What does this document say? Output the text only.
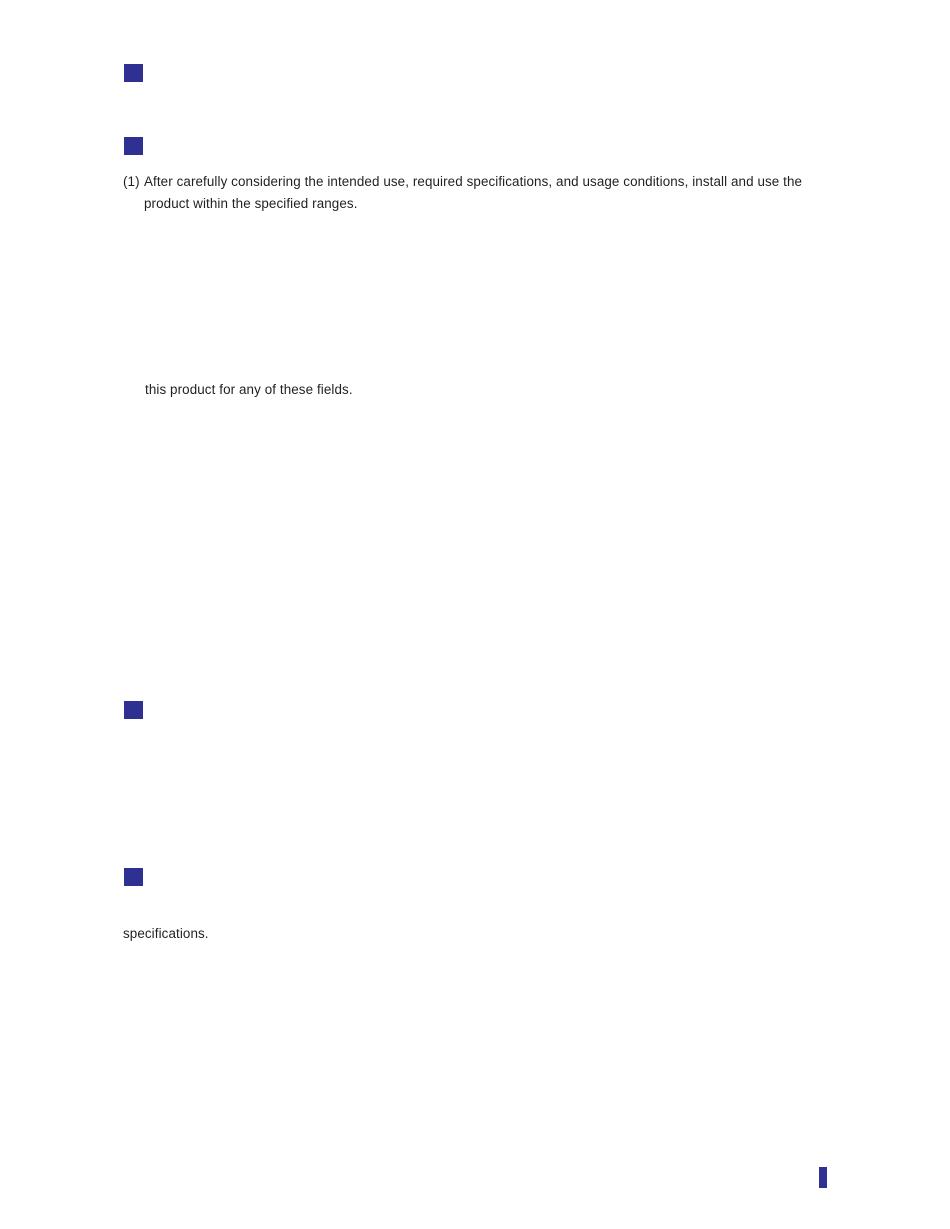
(1) After carefully considering the intended use, required specifications, and usage conditions, install and use the product within the specified ranges.
this product for any of these fields.
specifications.
